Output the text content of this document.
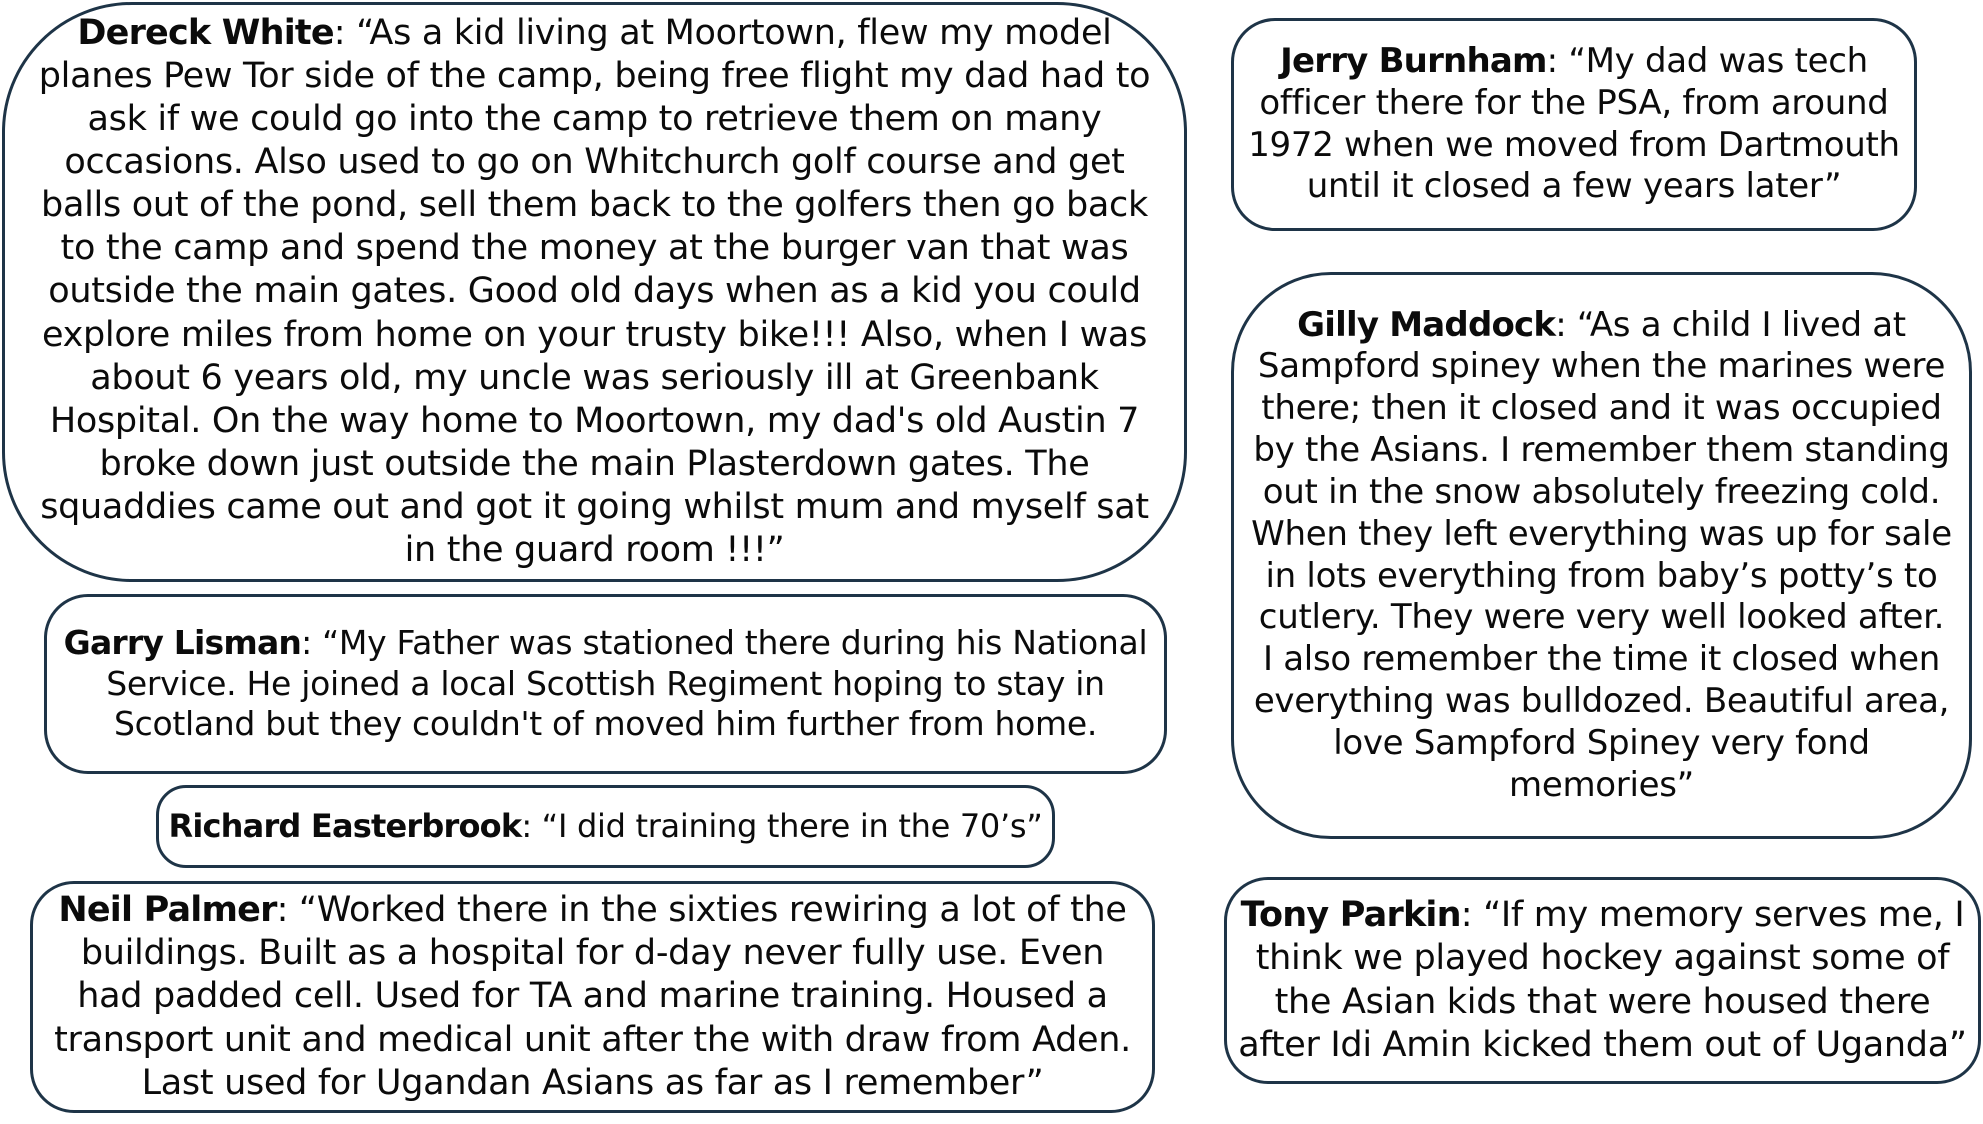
Dereck White: “As a kid living at Moortown, flew my model planes Pew Tor side of the camp, being free flight my dad had to ask if we could go into the camp to retrieve them on many occasions. Also used to go on Whitchurch golf course and get balls out of the pond, sell them back to the golfers then go back to the camp and spend the money at the burger van that was outside the main gates. Good old days when as a kid you could explore miles from home on your trusty bike!!! Also, when I was about 6 years old, my uncle was seriously ill at Greenbank Hospital. On the way home to Moortown, my dad's old Austin 7 broke down just outside the main Plasterdown gates. The squaddies came out and got it going whilst mum and myself sat in the guard room !!!”

Garry Lisman: “My Father was stationed there during his National Service. He joined a local Scottish Regiment hoping to stay in Scotland but they couldn't of moved him further from home.

Richard Easterbrook: “I did training there in the 70’s”

Neil Palmer: “Worked there in the sixties rewiring a lot of the buildings. Built as a hospital for d-day never fully use. Even had padded cell. Used for TA and marine training. Housed a transport unit and medical unit after the with draw from Aden. Last used for Ugandan Asians as far as I remember”

Jerry Burnham: “My dad was tech officer there for the PSA, from around 1972 when we moved from Dartmouth until it closed a few years later”

Gilly Maddock: “As a child I lived at Sampford spiney when the marines were there; then it closed and it was occupied by the Asians. I remember them standing out in the snow absolutely freezing cold. When they left everything was up for sale in lots everything from baby’s potty’s to cutlery. They were very well looked after. I also remember the time it closed when everything was bulldozed. Beautiful area, love Sampford Spiney very fond memories”

Tony Parkin: “If my memory serves me, I think we played hockey against some of the Asian kids that were housed there after Idi Amin kicked them out of Uganda”
